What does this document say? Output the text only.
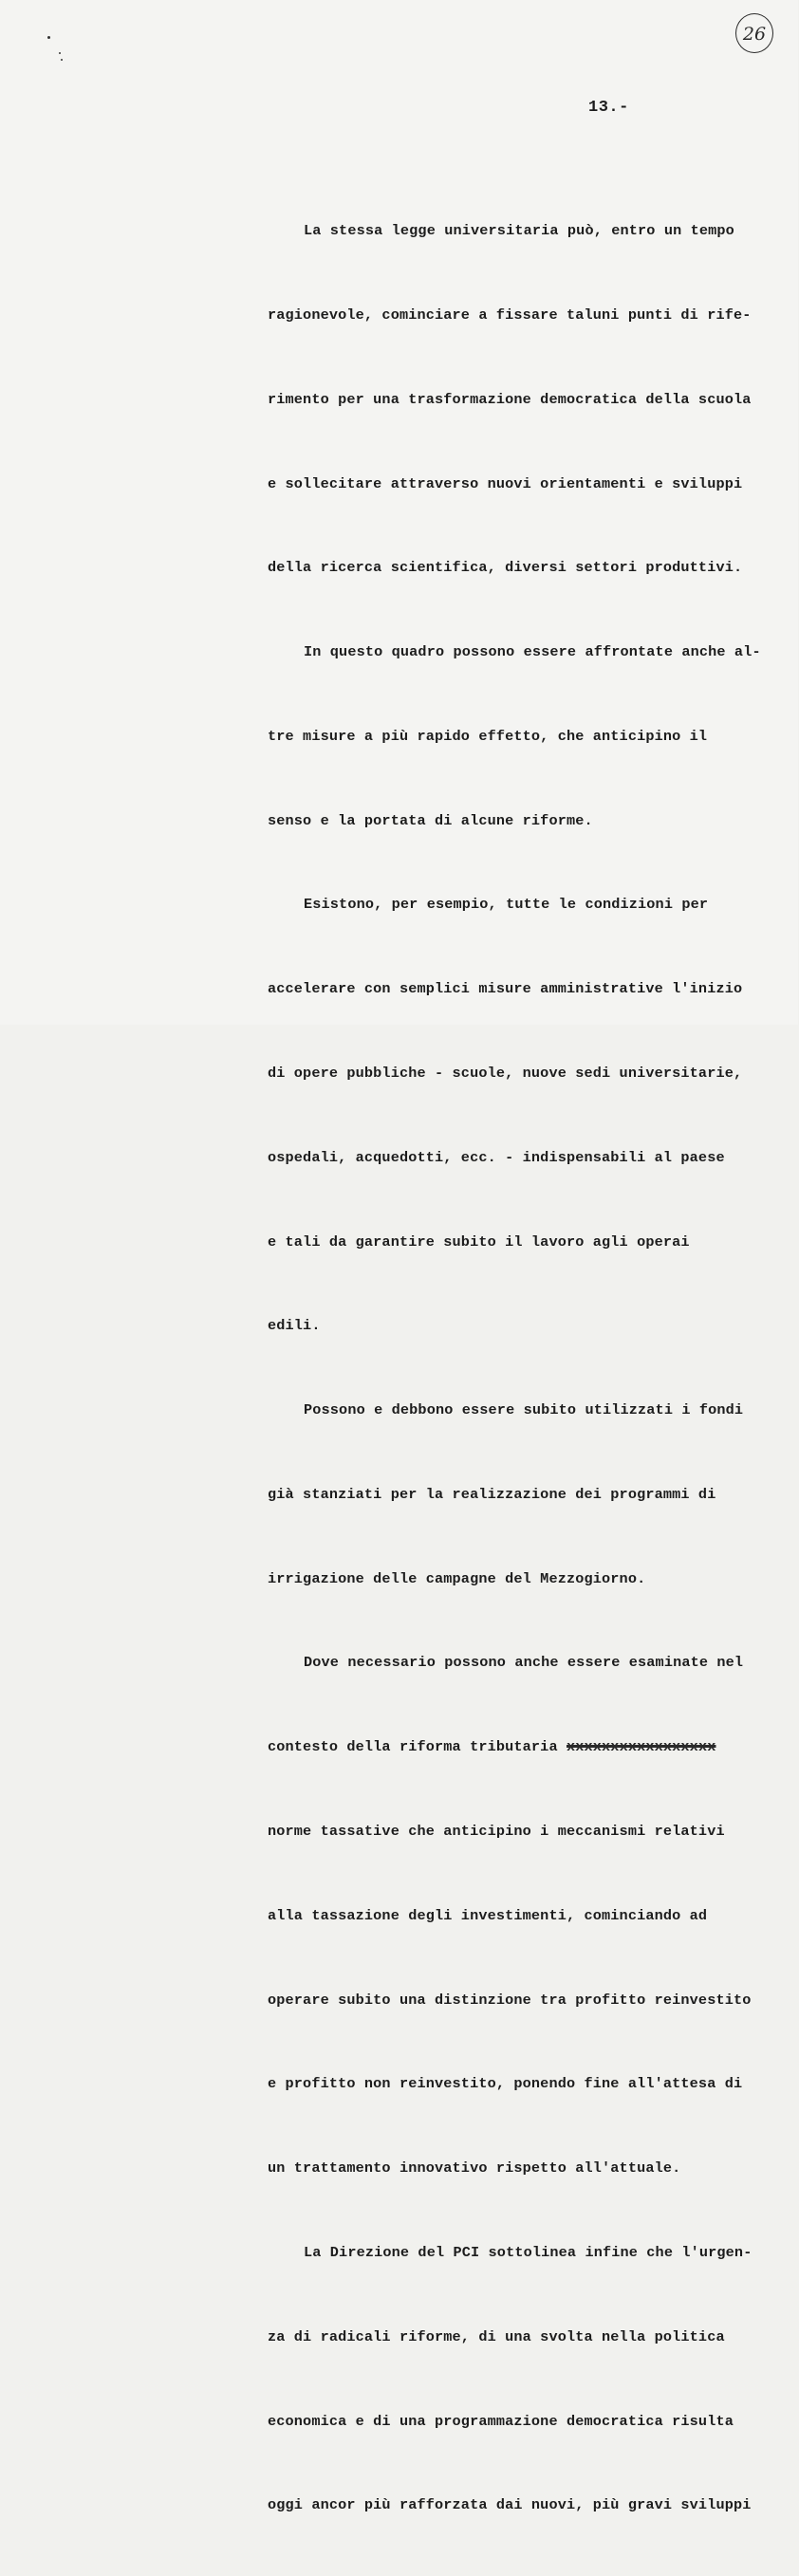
26
13.-

La stessa legge universitaria può, entro un tempo

ragionevole, cominciare a fissare taluni punti di rife-

rimento per una trasformazione democratica della scuola

e sollecitare attraverso nuovi orientamenti e sviluppi

della ricerca scientifica, diversi settori produttivi.

In questo quadro possono essere affrontate anche al-

tre misure a più rapido effetto, che anticipino il

senso e la portata di alcune riforme.

Esistono, per esempio, tutte le condizioni per

accelerare con semplici misure amministrative l'inizio

di opere pubbliche - scuole, nuove sedi universitarie,

ospedali, acquedotti, ecc. - indispensabili al paese

e tali da garantire subito il lavoro agli operai

edili.

Possono e debbono essere subito utilizzati i fondi

già stanziati per la realizzazione dei programmi di

irrigazione delle campagne del Mezzogiorno.

Dove necessario possono anche essere esaminate nel

contesto della riforma tributaria xxxxxxxxxxxxxxxxx

norme tassative che anticipino i meccanismi relativi

alla tassazione degli investimenti, cominciando ad

operare subito una distinzione tra profitto reinvestito

e profitto non reinvestito, ponendo fine all'attesa di

un trattamento innovativo rispetto all'attuale.

La Direzione del PCI sottolinea infine che l'urgen-

za di radicali riforme, di una svolta nella politica

economica e di una programmazione democratica risulta

oggi ancor più rafforzata dai nuovi, più gravi sviluppi
